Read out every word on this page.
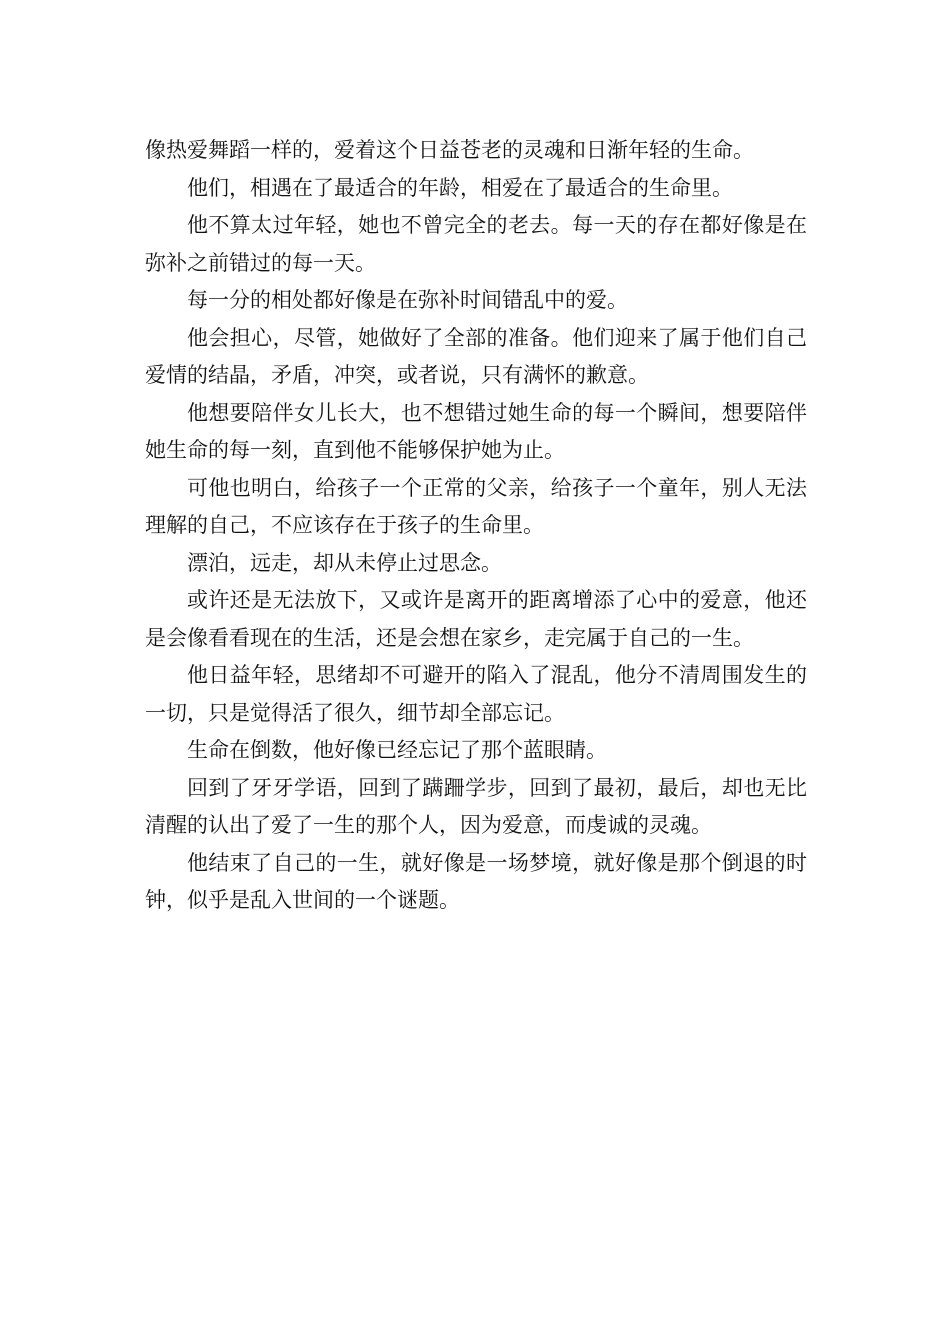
像热爱舞蹈一样的，爱着这个日益苍老的灵魂和日渐年轻的生命。

他们，相遇在了最适合的年龄，相爱在了最适合的生命里。

他不算太过年轻，她也不曾完全的老去。每一天的存在都好像是在弥补之前错过的每一天。

每一分的相处都好像是在弥补时间错乱中的爱。

他会担心，尽管，她做好了全部的准备。他们迎来了属于他们自己爱情的结晶，矛盾，冲突，或者说，只有满怀的歉意。

他想要陪伴女儿长大，也不想错过她生命的每一个瞬间，想要陪伴她生命的每一刻，直到他不能够保护她为止。

可他也明白，给孩子一个正常的父亲，给孩子一个童年，别人无法理解的自己，不应该存在于孩子的生命里。

漂泊，远走，却从未停止过思念。

或许还是无法放下，又或许是离开的距离增添了心中的爱意，他还是会像看看现在的生活，还是会想在家乡，走完属于自己的一生。

他日益年轻，思绪却不可避开的陷入了混乱，他分不清周围发生的一切，只是觉得活了很久，细节却全部忘记。

生命在倒数，他好像已经忘记了那个蓝眼睛。

回到了牙牙学语，回到了蹒跚学步，回到了最初，最后，却也无比清醒的认出了爱了一生的那个人，因为爱意，而虔诚的灵魂。

他结束了自己的一生，就好像是一场梦境，就好像是那个倒退的时钟，似乎是乱入世间的一个谜题。
